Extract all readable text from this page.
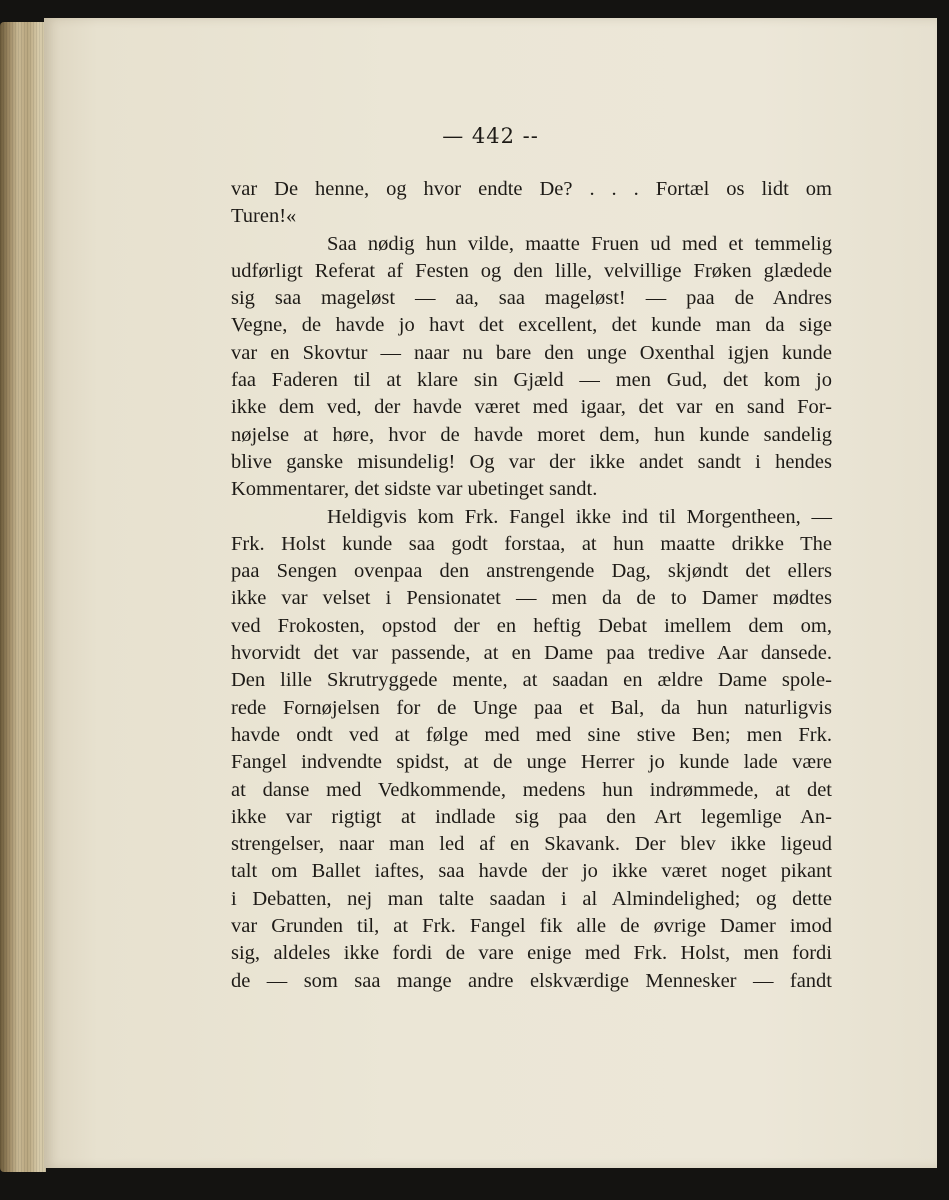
— 442 --
var De henne, og hvor endte De? . . . Fortæl os lidt om
Turen!«
Saa nødig hun vilde, maatte Fruen ud med et temmelig
udførligt Referat af Festen og den lille, velvillige Frøken glædede
sig saa mageløst — aa, saa mageløst! — paa de Andres
Vegne, de havde jo havt det excellent, det kunde man da sige
var en Skovtur — naar nu bare den unge Oxenthal igjen kunde
faa Faderen til at klare sin Gjæld — men Gud, det kom jo
ikke dem ved, der havde været med igaar, det var en sand For-
nøjelse at høre, hvor de havde moret dem, hun kunde sandelig
blive ganske misundelig! Og var der ikke andet sandt i hendes
Kommentarer, det sidste var ubetinget sandt.
Heldigvis kom Frk. Fangel ikke ind til Morgentheen, —
Frk. Holst kunde saa godt forstaa, at hun maatte drikke The
paa Sengen ovenpaa den anstrengende Dag, skjøndt det ellers
ikke var velset i Pensionatet — men da de to Damer mødtes
ved Frokosten, opstod der en heftig Debat imellem dem om,
hvorvidt det var passende, at en Dame paa tredive Aar dansede.
Den lille Skrutryggede mente, at saadan en ældre Dame spole-
rede Fornøjelsen for de Unge paa et Bal, da hun naturligvis
havde ondt ved at følge med med sine stive Ben; men Frk.
Fangel indvendte spidst, at de unge Herrer jo kunde lade være
at danse med Vedkommende, medens hun indrømmede, at det
ikke var rigtigt at indlade sig paa den Art legemlige An-
strengelser, naar man led af en Skavank. Der blev ikke ligeud
talt om Ballet iaftes, saa havde der jo ikke været noget pikant
i Debatten, nej man talte saadan i al Almindelighed; og dette
var Grunden til, at Frk. Fangel fik alle de øvrige Damer imod
sig, aldeles ikke fordi de vare enige med Frk. Holst, men fordi
de — som saa mange andre elskværdige Mennesker — fandt
